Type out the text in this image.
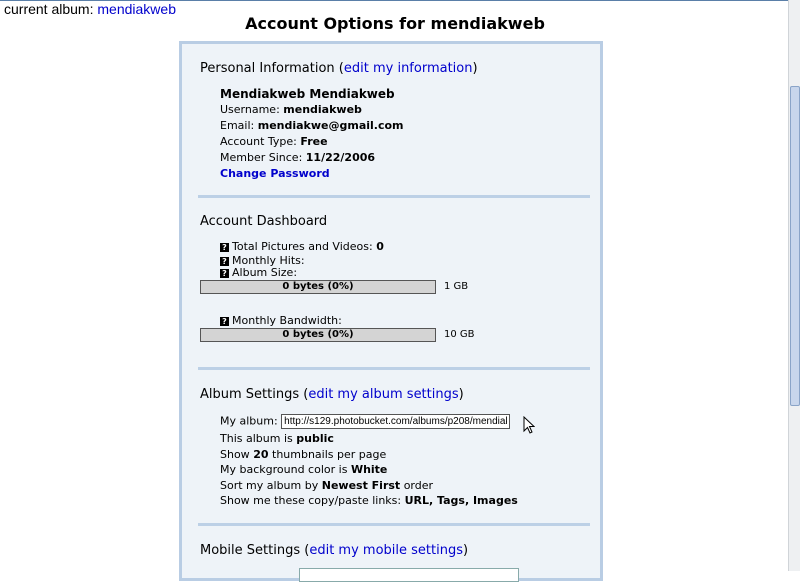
current album: mendiakweb
Account Options for mendiakweb
Personal Information (edit my information)
Mendiakweb Mendiakweb
Username: mendiakweb
Email: mendiakwe@gmail.com
Account Type: Free
Member Since: 11/22/2006
Change Password
Account Dashboard
? Total Pictures and Videos: 0
? Monthly Hits:
? Album Size:
0 bytes (0%)	1 GB
? Monthly Bandwidth:
0 bytes (0%)	10 GB
Album Settings (edit my album settings)
My album: http://s129.photobucket.com/albums/p208/mendiakweb/
This album is public
Show 20 thumbnails per page
My background color is White
Sort my album by Newest First order
Show me these copy/paste links: URL, Tags, Images
Mobile Settings (edit my mobile settings)
